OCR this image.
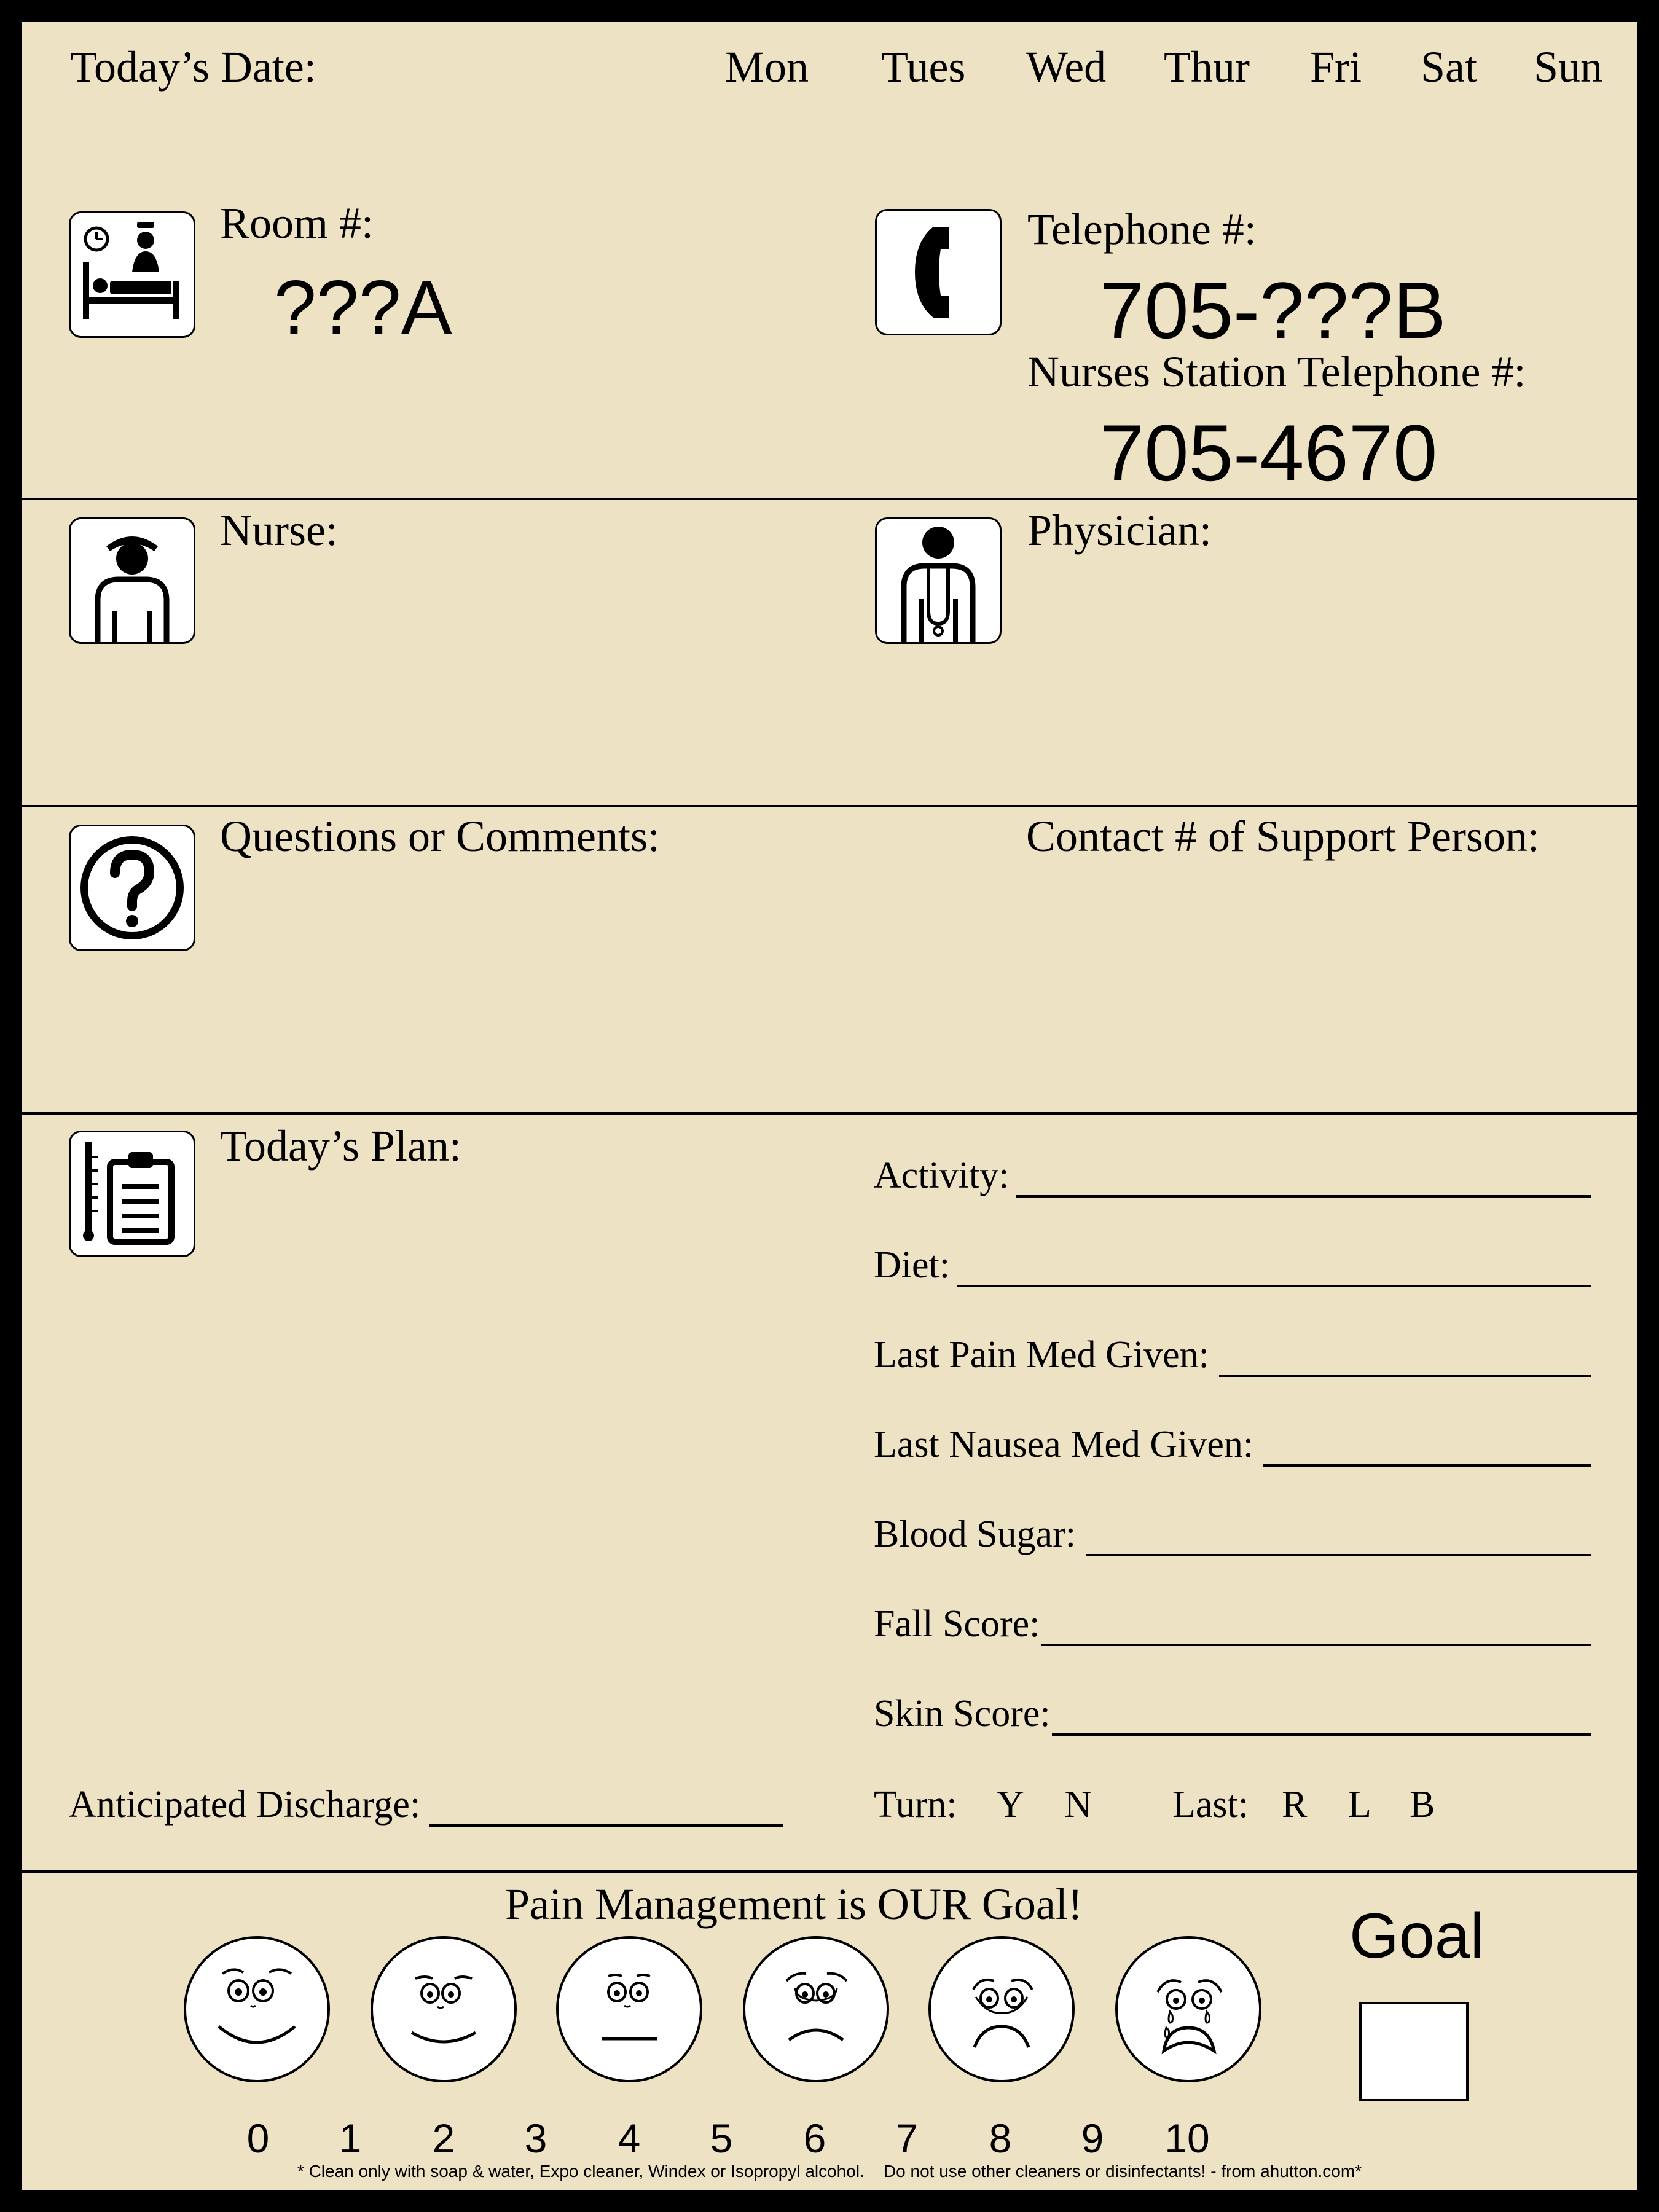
Today’s Date:	Mon Tues Wed Thur Fri Sat Sun
Room #:
???A
Telephone #:
705-???B
Nurses Station Telephone #:
705-4670
Nurse:	Physician:
Questions or Comments:	Contact # of Support Person:
Today’s Plan:
Activity:
Diet:
Last Pain Med Given:
Last Nausea Med Given:
Blood Sugar:
Fall Score:
Skin Score:
Turn: Y N Last: R L B
Anticipated Discharge:
Pain Management is OUR Goal!
0	1	2	3	4	5	6	7	8	9	10
Goal
* Clean only with soap & water, Expo cleaner, Windex or Isopropyl alcohol.    Do not use other cleaners or disinfectants! - from ahutton.com*
